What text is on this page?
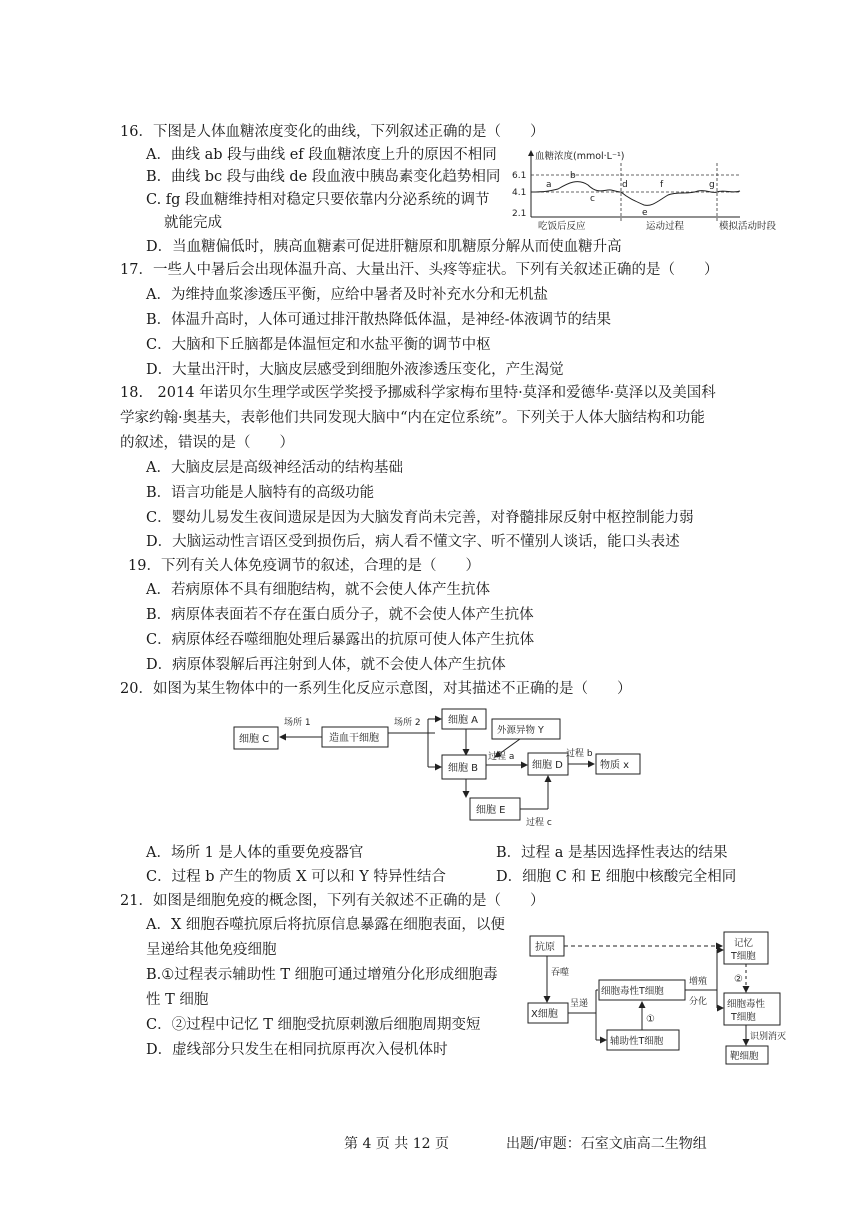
16．下图是人体血糖浓度变化的曲线，下列叙述正确的是（　　）
A．曲线 ab 段与曲线 ef 段血糖浓度上升的原因不相同
B．曲线 bc 段与曲线 de 段血液中胰岛素变化趋势相同
C. fg 段血糖维持相对稳定只要依靠内分泌系统的调节
就能完成
D．当血糖偏低时，胰高血糖素可促进肝糖原和肌糖原分解从而使血糖升高
血糖浓度(mmol·L⁻¹)
6.1
4.1
2.1
a
b
c
d
e
f	g
吃饭后反应	运动过程	模拟活动时段
17．一些人中暑后会出现体温升高、大量出汗、头疼等症状。下列有关叙述正确的是（　　）
A．为维持血浆渗透压平衡，应给中暑者及时补充水分和无机盐
B．体温升高时，人体可通过排汗散热降低体温，是神经-体液调节的结果
C．大脑和下丘脑都是体温恒定和水盐平衡的调节中枢
D．大量出汗时，大脑皮层感受到细胞外液渗透压变化，产生渴觉
18.　2014 年诺贝尔生理学或医学奖授予挪威科学家梅布里特·莫泽和爱德华·莫泽以及美国科
学家约翰·奥基夫，表彰他们共同发现大脑中“内在定位系统”。下列关于人体大脑结构和功能
的叙述，错误的是（　　）
A．大脑皮层是高级神经活动的结构基础
B．语言功能是人脑特有的高级功能
C．婴幼儿易发生夜间遗尿是因为大脑发育尚未完善，对脊髓排尿反射中枢控制能力弱
D．大脑运动性言语区受到损伤后，病人看不懂文字、听不懂别人谈话，能口头表述
19．下列有关人体免疫调节的叙述，合理的是（　　）
A．若病原体不具有细胞结构，就不会使人体产生抗体
B．病原体表面若不存在蛋白质分子，就不会使人体产生抗体
C．病原体经吞噬细胞处理后暴露出的抗原可使人体产生抗体
D．病原体裂解后再注射到人体，就不会使人体产生抗体
20．如图为某生物体中的一系列生化反应示意图，对其描述不正确的是（　　）
细胞 C	造血干细胞
场所 1	场所 2	细胞 A
外源异物 Y
细胞 B
过程 a
细胞 D
过程 b
物质 x
细胞 E
过程 c
A．场所 1 是人体的重要免疫器官	B．过程 a 是基因选择性表达的结果
C．过程 b 产生的物质 X 可以和 Y 特异性结合	D．细胞 C 和 E 细胞中核酸完全相同
21．如图是细胞免疫的概念图，下列有关叙述不正确的是（　　）
A．X 细胞吞噬抗原后将抗原信息暴露在细胞表面，以便
呈递给其他免疫细胞
B.①过程表示辅助性 T 细胞可通过增殖分化形成细胞毒
性 T 细胞
C．②过程中记忆 T 细胞受抗原刺激后细胞周期变短
D．虚线部分只发生在相同抗原再次入侵机体时
抗原
吞噬
X细胞
呈递
细胞毒性T细胞
辅助性T细胞
①
增殖
分化
记忆
T细胞
②
细胞毒性
T细胞
识别消灭
靶细胞
第 4 页 共 12 页	出题/审题：石室文庙高二生物组
